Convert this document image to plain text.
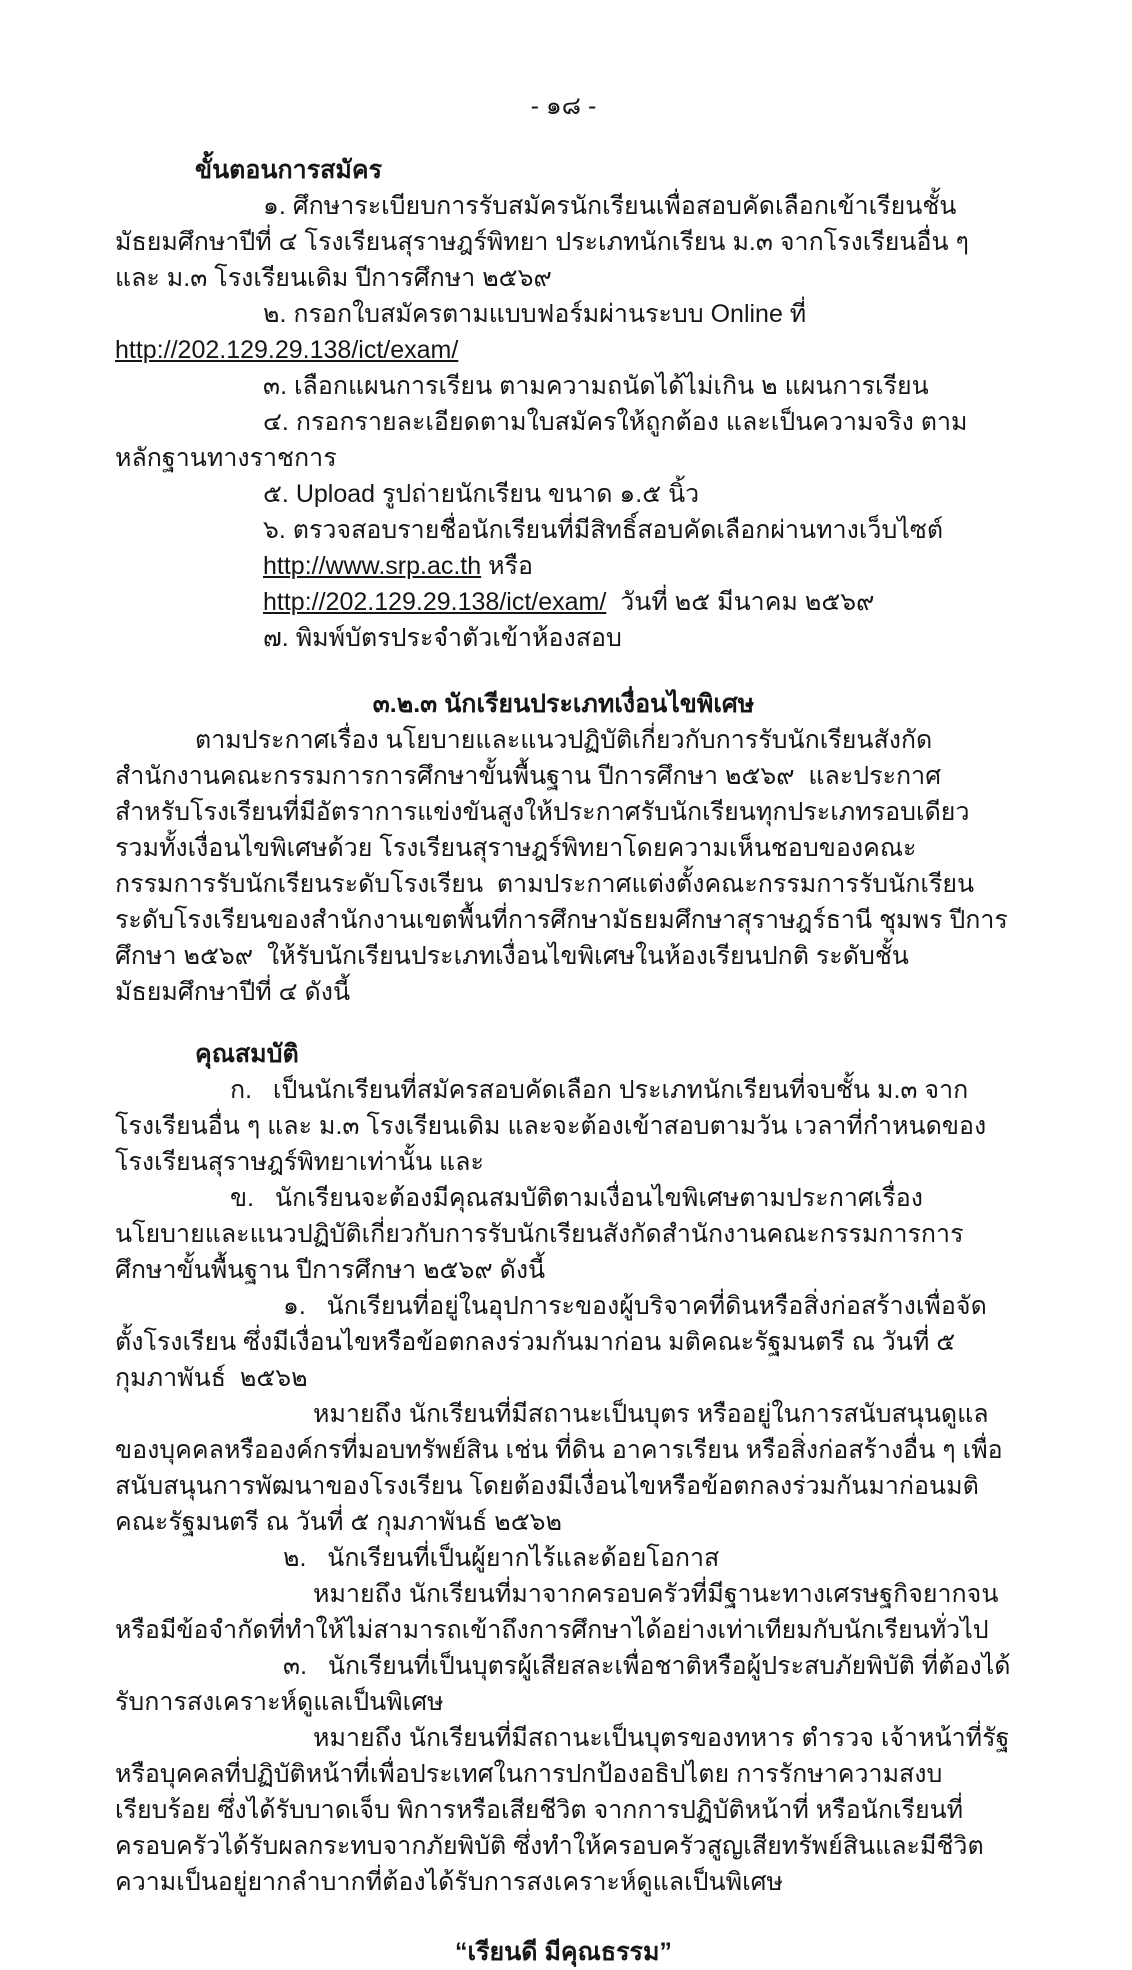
- ๑๘ -

ขั้นตอนการสมัคร

๑. ศึกษาระเบียบการรับสมัครนักเรียนเพื่อสอบคัดเลือกเข้าเรียนชั้นมัธยมศึกษาปีที่ ๔ โรงเรียนสุราษฎร์พิทยา ประเภทนักเรียน ม.๓ จากโรงเรียนอื่น ๆ และ ม.๓ โรงเรียนเดิม ปีการศึกษา ๒๕๖๙

๒. กรอกใบสมัครตามแบบฟอร์มผ่านระบบ Online ที่  http://202.129.29.138/ict/exam/

๓. เลือกแผนการเรียน ตามความถนัดได้ไม่เกิน ๒ แผนการเรียน

๔. กรอกรายละเอียดตามใบสมัครให้ถูกต้อง และเป็นความจริง ตามหลักฐานทางราชการ

๕. Upload รูปถ่ายนักเรียน ขนาด ๑.๕ นิ้ว

๖. ตรวจสอบรายชื่อนักเรียนที่มีสิทธิ์สอบคัดเลือกผ่านทางเว็บไซต์ http://www.srp.ac.th หรือ
http://202.129.29.138/ict/exam/  วันที่ ๒๕ มีนาคม ๒๕๖๙

๗. พิมพ์บัตรประจำตัวเข้าห้องสอบ

๓.๒.๓ นักเรียนประเภทเงื่อนไขพิเศษ

ตามประกาศเรื่อง นโยบายและแนวปฏิบัติเกี่ยวกับการรับนักเรียนสังกัดสำนักงานคณะกรรมการการศึกษาขั้นพื้นฐาน ปีการศึกษา ๒๕๖๙  และประกาศสำหรับโรงเรียนที่มีอัตราการแข่งขันสูงให้ประกาศรับนักเรียนทุกประเภทรอบเดียวรวมทั้งเงื่อนไขพิเศษด้วย โรงเรียนสุราษฎร์พิทยาโดยความเห็นชอบของคณะกรรมการรับนักเรียนระดับโรงเรียน  ตามประกาศแต่งตั้งคณะกรรมการรับนักเรียนระดับโรงเรียนของสำนักงานเขตพื้นที่การศึกษามัธยมศึกษาสุราษฎร์ธานี ชุมพร ปีการศึกษา ๒๕๖๙  ให้รับนักเรียนประเภทเงื่อนไขพิเศษในห้องเรียนปกติ ระดับชั้นมัธยมศึกษาปีที่ ๔ ดังนี้

คุณสมบัติ

ก.   เป็นนักเรียนที่สมัครสอบคัดเลือก ประเภทนักเรียนที่จบชั้น ม.๓ จากโรงเรียนอื่น ๆ และ ม.๓ โรงเรียนเดิม และจะต้องเข้าสอบตามวัน เวลาที่กำหนดของโรงเรียนสุราษฎร์พิทยาเท่านั้น และ

ข.   นักเรียนจะต้องมีคุณสมบัติตามเงื่อนไขพิเศษตามประกาศเรื่อง นโยบายและแนวปฏิบัติเกี่ยวกับการรับนักเรียนสังกัดสำนักงานคณะกรรมการการศึกษาขั้นพื้นฐาน ปีการศึกษา ๒๕๖๙ ดังนี้

๑.   นักเรียนที่อยู่ในอุปการะของผู้บริจาคที่ดินหรือสิ่งก่อสร้างเพื่อจัดตั้งโรงเรียน ซึ่งมีเงื่อนไขหรือข้อตกลงร่วมกันมาก่อน มติคณะรัฐมนตรี ณ วันที่ ๕ กุมภาพันธ์  ๒๕๖๒

หมายถึง นักเรียนที่มีสถานะเป็นบุตร หรืออยู่ในการสนับสนุนดูแลของบุคคลหรือองค์กรที่มอบทรัพย์สิน เช่น ที่ดิน อาคารเรียน หรือสิ่งก่อสร้างอื่น ๆ เพื่อสนับสนุนการพัฒนาของโรงเรียน โดยต้องมีเงื่อนไขหรือข้อตกลงร่วมกันมาก่อนมติคณะรัฐมนตรี ณ วันที่ ๕ กุมภาพันธ์ ๒๕๖๒

๒.   นักเรียนที่เป็นผู้ยากไร้และด้อยโอกาส

หมายถึง นักเรียนที่มาจากครอบครัวที่มีฐานะทางเศรษฐกิจยากจน หรือมีข้อจำกัดที่ทำให้ไม่สามารถเข้าถึงการศึกษาได้อย่างเท่าเทียมกับนักเรียนทั่วไป

๓.   นักเรียนที่เป็นบุตรผู้เสียสละเพื่อชาติหรือผู้ประสบภัยพิบัติ ที่ต้องได้รับการสงเคราะห์ดูแลเป็นพิเศษ

หมายถึง นักเรียนที่มีสถานะเป็นบุตรของทหาร ตำรวจ เจ้าหน้าที่รัฐ หรือบุคคลที่ปฏิบัติหน้าที่เพื่อประเทศในการปกป้องอธิปไตย การรักษาความสงบเรียบร้อย ซึ่งได้รับบาดเจ็บ พิการหรือเสียชีวิต จากการปฏิบัติหน้าที่ หรือนักเรียนที่ครอบครัวได้รับผลกระทบจากภัยพิบัติ ซึ่งทำให้ครอบครัวสูญเสียทรัพย์สินและมีชีวิตความเป็นอยู่ยากลำบากที่ต้องได้รับการสงเคราะห์ดูแลเป็นพิเศษ

“เรียนดี มีคุณธรรม”
